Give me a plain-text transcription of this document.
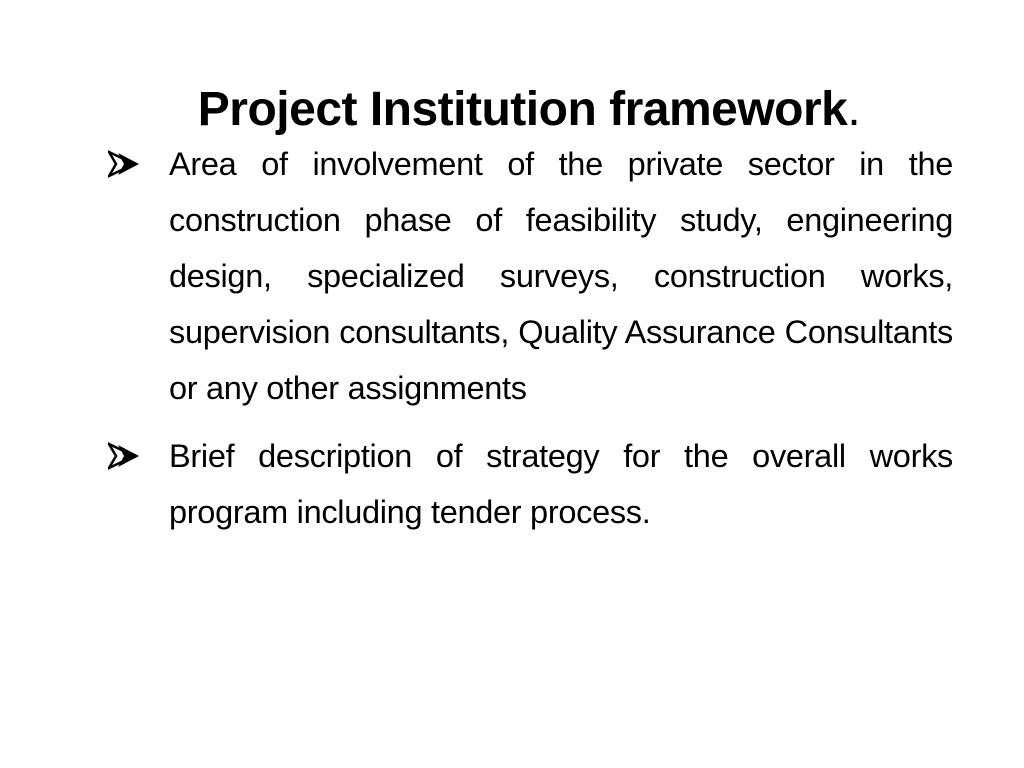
Project Institution framework.
Area of involvement of the private sector in the construction phase of feasibility study, engineering design, specialized surveys, construction works, supervision consultants, Quality Assurance Consultants or any other assignments
Brief description of strategy for the overall works program including tender process.
